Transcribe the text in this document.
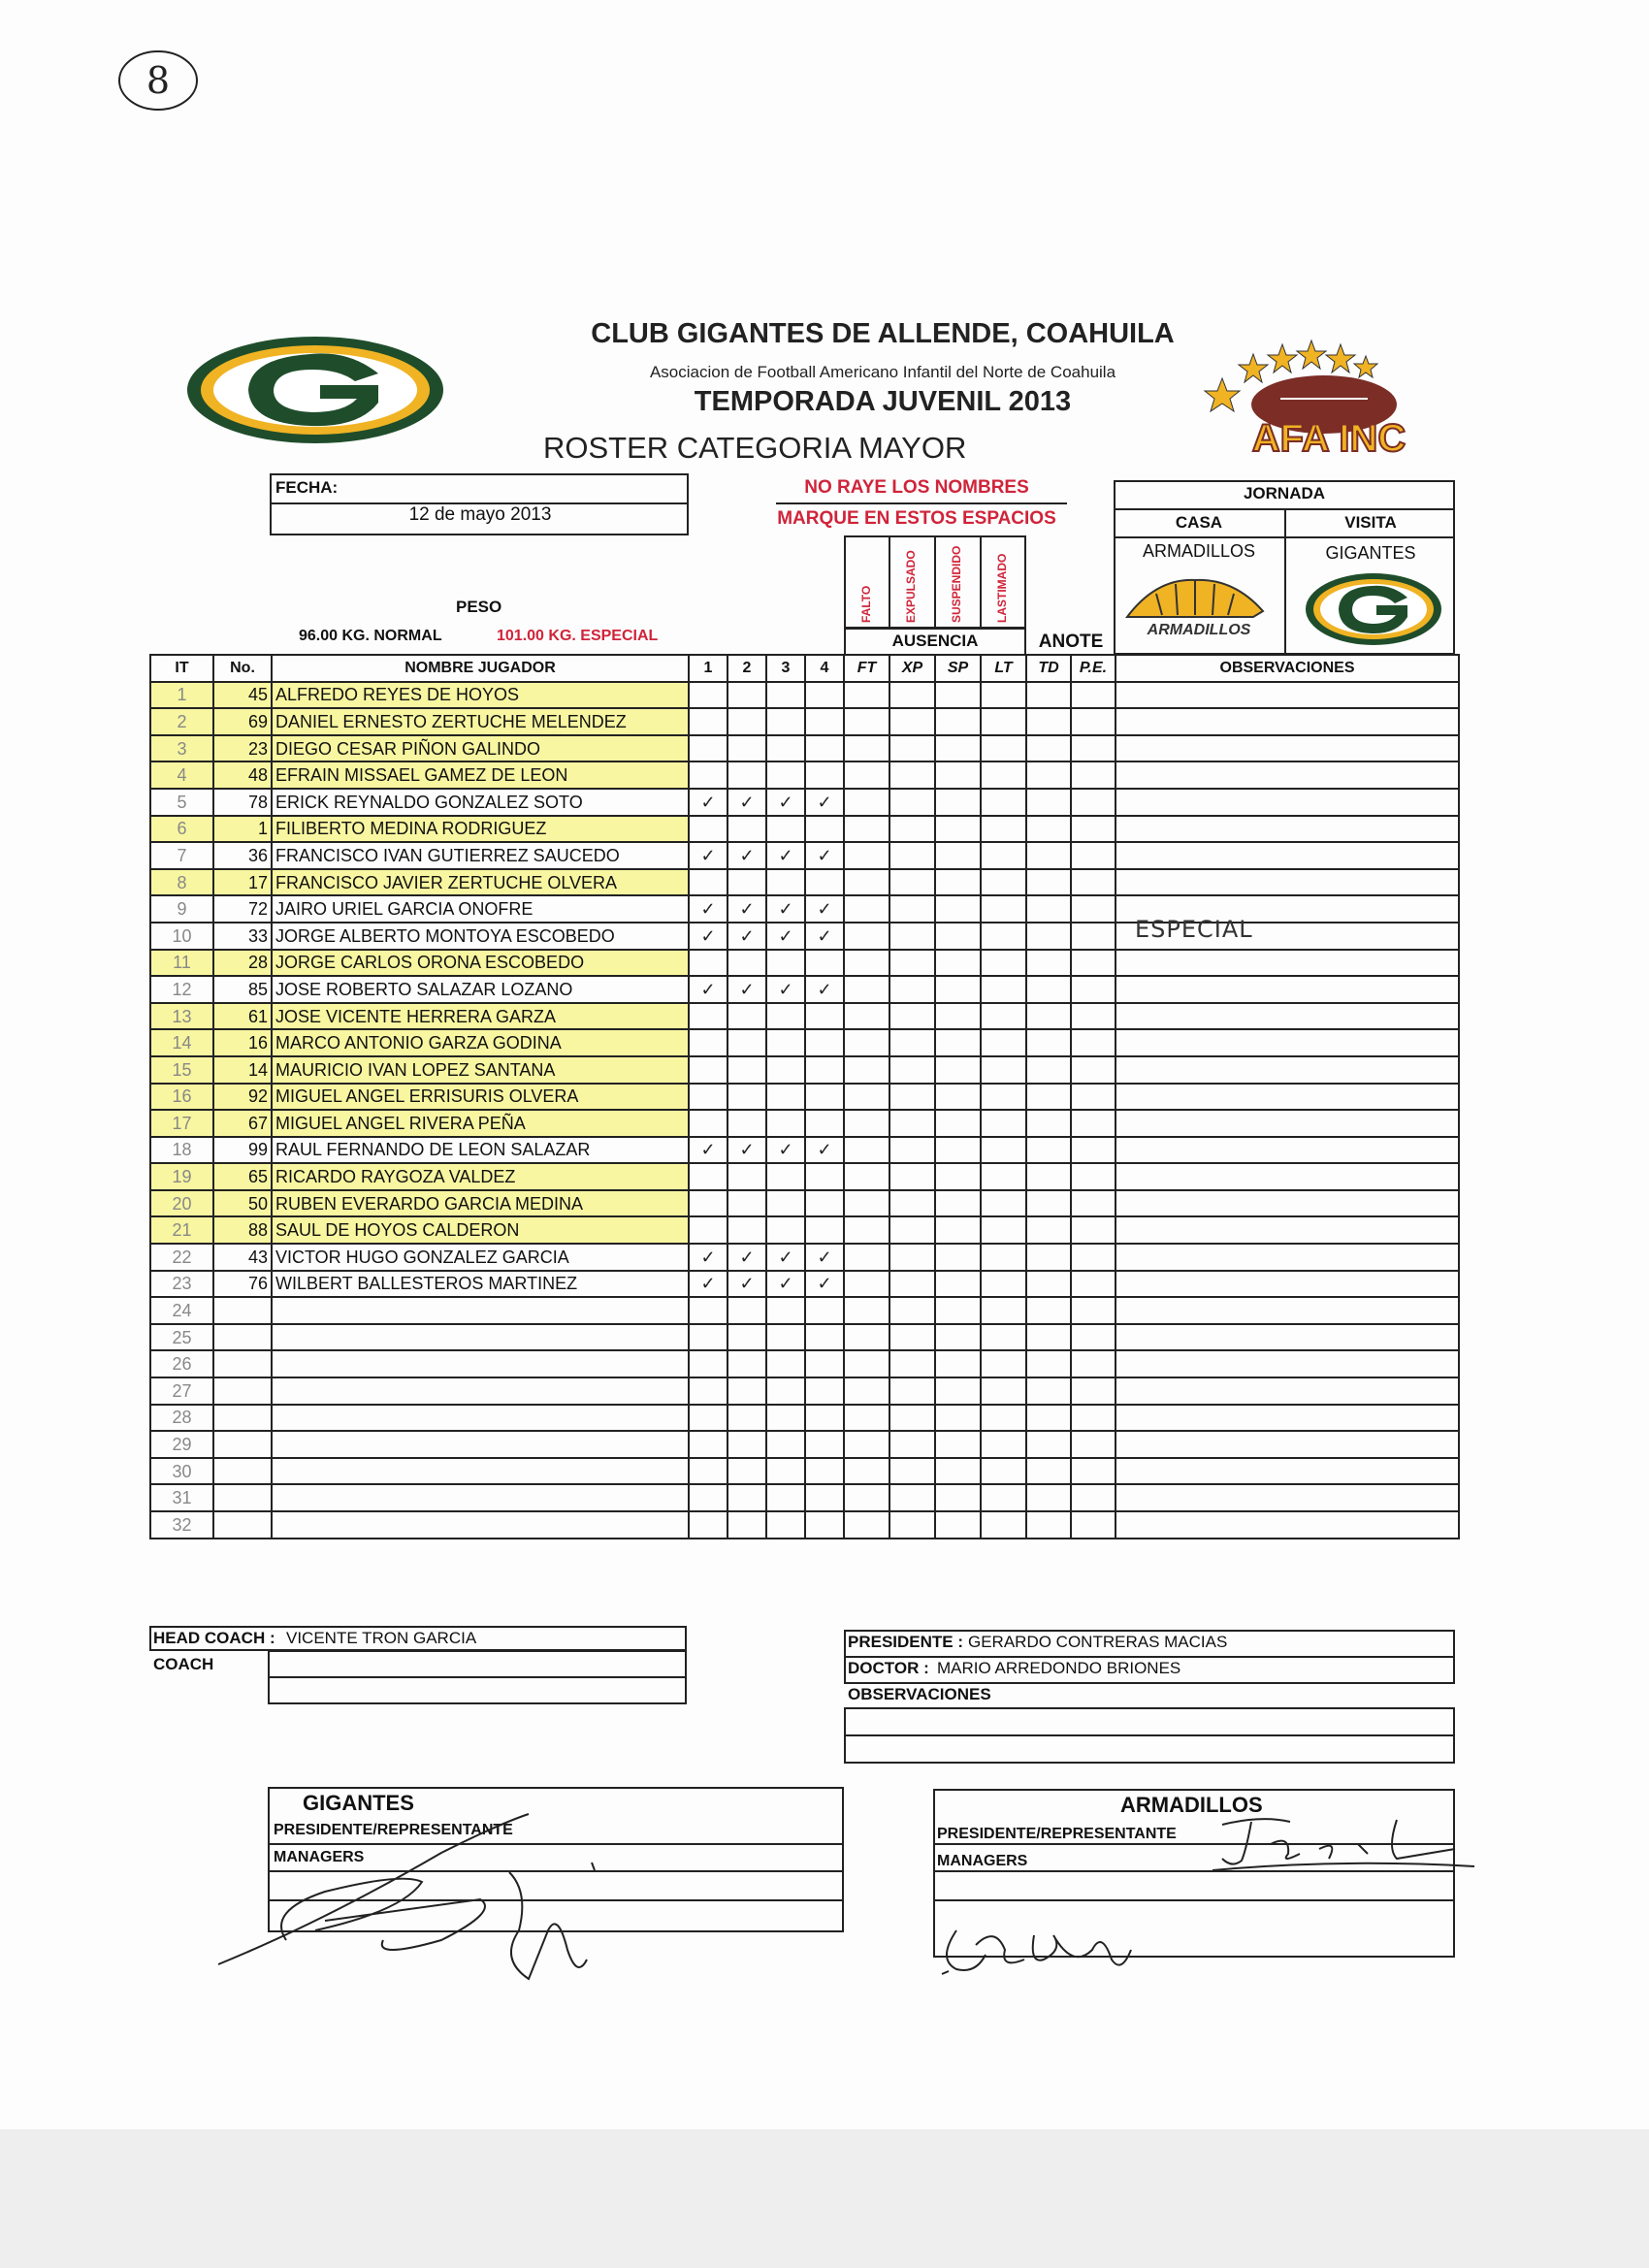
8
CLUB GIGANTES DE ALLENDE, COAHUILA
Asociacion de Football Americano Infantil del Norte de Coahuila
TEMPORADA JUVENIL 2013
ROSTER CATEGORIA MAYOR	AFA INC
FECHA:
12 de mayo 2013
NO RAYE LOS NOMBRES
MARQUE EN ESTOS ESPACIOS
JORNADA
CASA	VISITA
ARMADILLOS	GIGANTES
ARMADILLOS
PESO
96.00 KG. NORMAL	101.00 KG. ESPECIAL
FALTO	EXPULSADO	SUSPENDIDO	LASTIMADO
AUSENCIA	ANOTE
IT	No.	NOMBRE JUGADOR	1	2	3	4	FT	XP	SP	LT	TD	P.E.	OBSERVACIONES
1	45	ALFREDO REYES DE HOYOS											
2	69	DANIEL ERNESTO ZERTUCHE MELENDEZ											
3	23	DIEGO CESAR PIÑON GALINDO											
4	48	EFRAIN MISSAEL GAMEZ DE LEON											
5	78	ERICK REYNALDO GONZALEZ SOTO	✓	✓	✓	✓							
6	1	FILIBERTO MEDINA RODRIGUEZ											
7	36	FRANCISCO IVAN GUTIERREZ SAUCEDO	✓	✓	✓	✓							
8	17	FRANCISCO JAVIER ZERTUCHE OLVERA											
9	72	JAIRO URIEL GARCIA ONOFRE	✓	✓	✓	✓							
10	33	JORGE ALBERTO MONTOYA ESCOBEDO	✓	✓	✓	✓							
11	28	JORGE CARLOS ORONA ESCOBEDO											
12	85	JOSE ROBERTO SALAZAR LOZANO	✓	✓	✓	✓							
13	61	JOSE VICENTE HERRERA GARZA											
14	16	MARCO ANTONIO GARZA GODINA											
15	14	MAURICIO IVAN LOPEZ SANTANA											
16	92	MIGUEL ANGEL ERRISURIS OLVERA											
17	67	MIGUEL ANGEL RIVERA PEÑA											
18	99	RAUL FERNANDO DE LEON SALAZAR	✓	✓	✓	✓							
19	65	RICARDO RAYGOZA VALDEZ											
20	50	RUBEN EVERARDO GARCIA MEDINA											
21	88	SAUL DE HOYOS CALDERON											
22	43	VICTOR HUGO GONZALEZ GARCIA	✓	✓	✓	✓							
23	76	WILBERT BALLESTEROS MARTINEZ	✓	✓	✓	✓							
24													
25													
26													
27													
28													
29													
30													
31													
32													
ESPECIAL
HEAD COACH : VICENTE TRON GARCIA
COACH
PRESIDENTE : GERARDO CONTRERAS MACIAS
DOCTOR : MARIO ARREDONDO BRIONES
OBSERVACIONES
GIGANTES
PRESIDENTE/REPRESENTANTE
MANAGERS
ARMADILLOS
PRESIDENTE/REPRESENTANTE
MANAGERS
